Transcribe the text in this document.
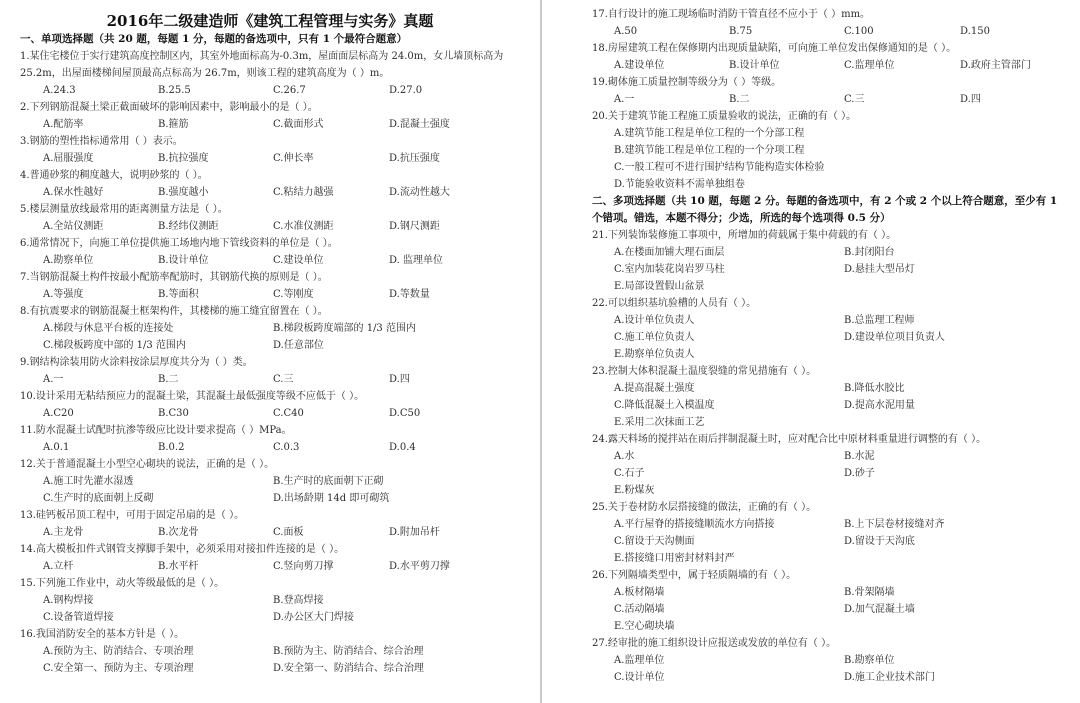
2016年二级建造师《建筑工程管理与实务》真题
一、单项选择题（共 20 题，每题 1 分，每题的备选项中，只有 1 个最符合题意）
1.某住宅楼位于实行建筑高度控制区内，其室外地面标高为-0.3m，屋面面层标高为 24.0m，女儿墙顶标高为
25.2m，出屋面楼梯间屋顶最高点标高为 26.7m，则该工程的建筑高度为（ ）m。
A.24.3	B.25.5	C.26.7	D.27.0
2.下列钢筋混凝土梁正截面破坏的影响因素中，影响最小的是（ ）。
A.配筋率	B.箍筋	C.截面形式	D.混凝土强度
3.钢筋的塑性指标通常用（ ）表示。
A.屈服强度	B.抗拉强度	C.伸长率	D.抗压强度
4.普通砂浆的稠度越大，说明砂浆的（ ）。
A.保水性越好	B.强度越小	C.粘结力越强	D.流动性越大
5.楼层测量放线最常用的距离测量方法是（ ）。
A.全站仪测距	B.经纬仪测距	C.水准仪测距	D.钢尺测距
6.通常情况下，向施工单位提供施工场地内地下管线资料的单位是（ ）。
A.勘察单位	B.设计单位	C.建设单位	D. 监理单位
7.当钢筋混凝土构件按最小配筋率配筋时，其钢筋代换的原则是（ ）。
A.等强度	B.等面积	C.等刚度	D.等数量
8.有抗震要求的钢筋混凝土框架构件，其楼梯的施工缝宜留置在（ ）。
A.梯段与休息平台板的连接处	B.梯段板跨度端部的 1/3 范围内
C.梯段板跨度中部的 1/3 范围内	D.任意部位
9.钢结构涂装用防火涂料按涂层厚度共分为（ ）类。
A.一	B.二	C.三	D.四
10.设计采用无粘结预应力的混凝土梁，其混凝土最低强度等级不应低于（ ）。
A.C20	B.C30	C.C40	D.C50
11.防水混凝土试配时抗渗等级应比设计要求提高（ ）MPa。
A.0.1	B.0.2	C.0.3	D.0.4
12.关于普通混凝土小型空心砌块的说法，正确的是（ ）。
A.施工时先灌水湿透	B.生产时的底面朝下正砌
C.生产时的底面朝上反砌	D.出场龄期 14d 即可砌筑
13.硅钙板吊顶工程中，可用于固定吊扇的是（ ）。
A.主龙骨	B.次龙骨	C.面板	D.附加吊杆
14.高大模板扣件式钢管支撑脚手架中，必须采用对接扣件连接的是（ ）。
A.立杆	B.水平杆	C.竖向剪刀撑	D.水平剪刀撑
15.下列施工作业中，动火等级最低的是（ ）。
A.钢构焊接	B.登高焊接
C.设备管道焊接	D.办公区大门焊接
16.我国消防安全的基本方针是（ ）。
A.预防为主、防消结合、专项治理	B.预防为主、防消结合、综合治理
C.安全第一、预防为主、专项治理	D.安全第一、防消结合、综合治理
17.自行设计的施工现场临时消防干管直径不应小于（ ）mm。
A.50	B.75	C.100	D.150
18.房屋建筑工程在保修期内出现质量缺陷，可向施工单位发出保修通知的是（ ）。
A.建设单位	B.设计单位	C.监理单位	D.政府主管部门
19.砌体施工质量控制等级分为（ ）等级。
A.一	B.二	C.三	D.四
20.关于建筑节能工程施工质量验收的说法，正确的有（ ）。
A.建筑节能工程是单位工程的一个分部工程
B.建筑节能工程是单位工程的一个分项工程
C.一般工程可不进行围护结构节能构造实体检验
D.节能验收资料不需单独组卷
二、多项选择题（共 10 题，每题 2 分。每题的备选项中，有 2 个或 2 个以上符合题意，至少有 1 个错项。错选，本题不得分；少选，所选的每个选项得 0.5 分）
21.下列装饰装修施工事项中，所增加的荷载属于集中荷载的有（ ）。
A.在楼面加铺大理石面层	B.封闭阳台
C.室内加装花岗岩罗马柱	D.悬挂大型吊灯
E.局部设置假山盆景
22.可以组织基坑验槽的人员有（ ）。
A.设计单位负责人	B.总监理工程师
C.施工单位负责人	D.建设单位项目负责人
E.勘察单位负责人
23.控制大体积混凝土温度裂缝的常见措施有（ ）。
A.提高混凝土强度	B.降低水胶比
C.降低混凝土入模温度	D.提高水泥用量
E.采用二次抹面工艺
24.露天料场的搅拌站在雨后拌制混凝土时，应对配合比中原材料重量进行调整的有（ ）。
A.水	B.水泥
C.石子	D.砂子
E.粉煤灰
25.关于卷材防水层搭接缝的做法，正确的有（ ）。
A.平行屋脊的搭接缝顺流水方向搭接	B.上下层卷材接缝对齐
C.留设于天沟侧面	D.留设于天沟底
E.搭接缝口用密封材料封严
26.下列隔墙类型中，属于轻质隔墙的有（ ）。
A.板材隔墙	B.骨架隔墙
C.活动隔墙	D.加气混凝土墙
E.空心砌块墙
27.经审批的施工组织设计应报送或发放的单位有（ ）。
A.监理单位	B.勘察单位
C.设计单位	D.施工企业技术部门
